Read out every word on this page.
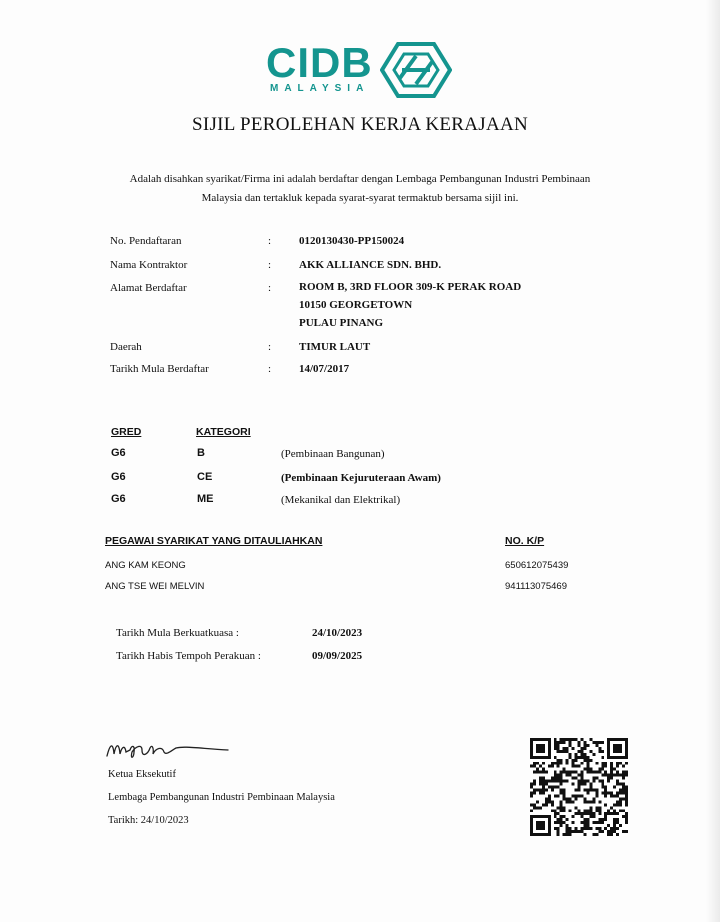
CIDB
MALAYSIA
SIJIL PEROLEHAN KERJA KERAJAAN
Adalah disahkan syarikat/Firma ini adalah berdaftar dengan Lembaga Pembangunan Industri Pembinaan
Malaysia dan tertakluk kepada syarat-syarat termaktub bersama sijil ini.
No. Pendaftaran	:	0120130430-PP150024
Nama Kontraktor	:	AKK ALLIANCE SDN. BHD.
Alamat Berdaftar	:	ROOM B, 3RD FLOOR 309-K PERAK ROAD
10150 GEORGETOWN
PULAU PINANG
Daerah	:	TIMUR LAUT
Tarikh Mula Berdaftar	:	14/07/2017
GRED	KATEGORI
G6	B	(Pembinaan Bangunan)
G6	CE	(Pembinaan Kejuruteraan Awam)
G6	ME	(Mekanikal dan Elektrikal)
PEGAWAI SYARIKAT YANG DITAULIAHKAN	NO. K/P
ANG KAM KEONG	650612075439
ANG TSE WEI MELVIN	941113075469
Tarikh Mula Berkuatkuasa :	24/10/2023
Tarikh Habis Tempoh Perakuan :	09/09/2025
Ketua Eksekutif
Lembaga Pembangunan Industri Pembinaan Malaysia
Tarikh: 24/10/2023
